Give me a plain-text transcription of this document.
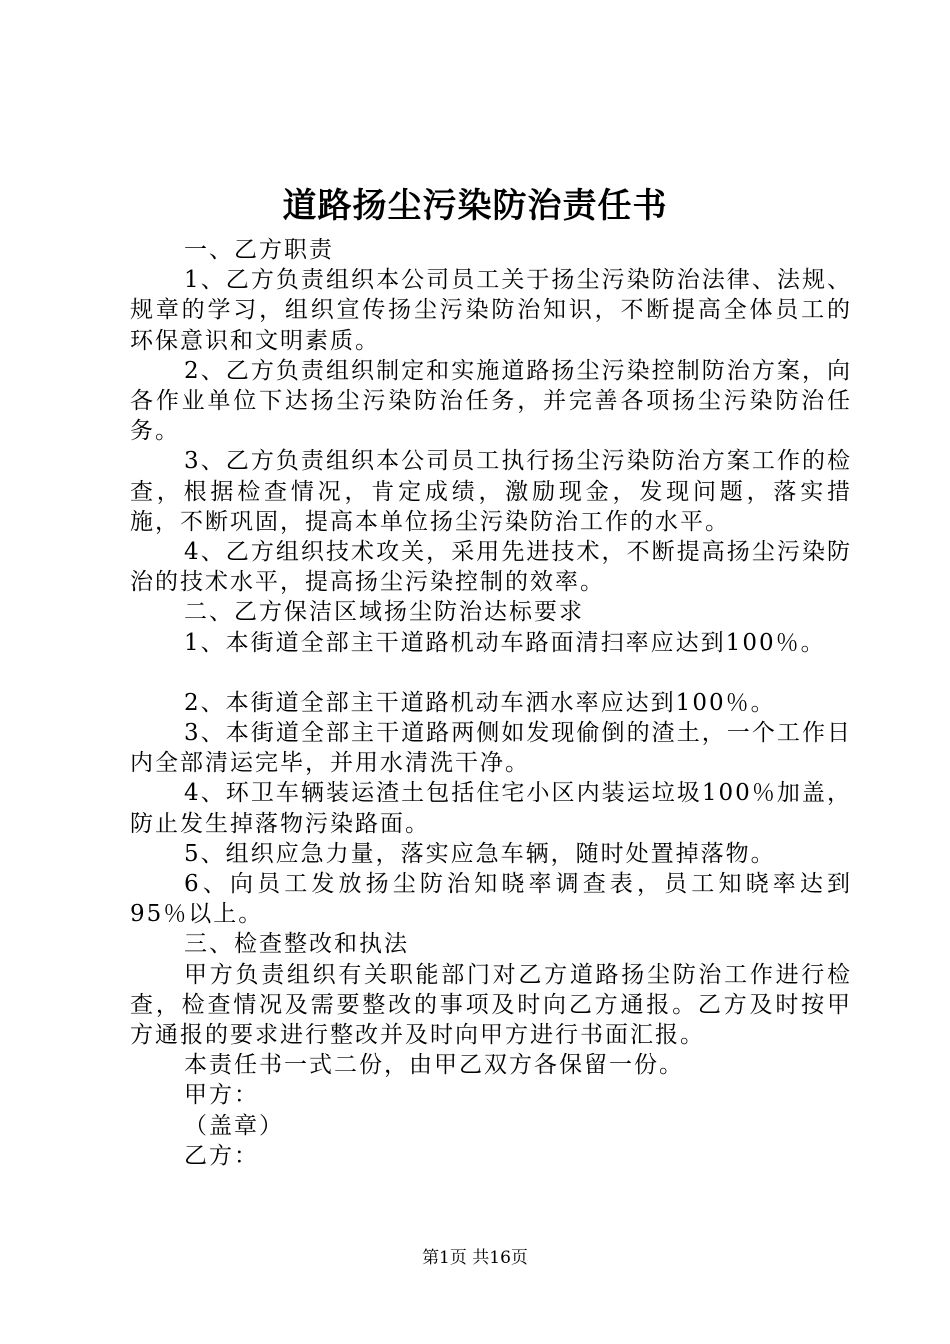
道路扬尘污染防治责任书

一、乙方职责

1、乙方负责组织本公司员工关于扬尘污染防治法律、法规、规章的学习，组织宣传扬尘污染防治知识，不断提高全体员工的环保意识和文明素质。

2、乙方负责组织制定和实施道路扬尘污染控制防治方案，向各作业单位下达扬尘污染防治任务，并完善各项扬尘污染防治任务。

3、乙方负责组织本公司员工执行扬尘污染防治方案工作的检查，根据检查情况，肯定成绩，激励现金，发现问题，落实措施，不断巩固，提高本单位扬尘污染防治工作的水平。

4、乙方组织技术攻关，采用先进技术，不断提高扬尘污染防治的技术水平，提高扬尘污染控制的效率。

二、乙方保洁区域扬尘防治达标要求

1、本街道全部主干道路机动车路面清扫率应达到100％。

2、本街道全部主干道路机动车洒水率应达到100％。

3、本街道全部主干道路两侧如发现偷倒的渣土，一个工作日内全部清运完毕，并用水清洗干净。

4、环卫车辆装运渣土包括住宅小区内装运垃圾100％加盖，防止发生掉落物污染路面。

5、组织应急力量，落实应急车辆，随时处置掉落物。

6、向员工发放扬尘防治知晓率调查表，员工知晓率达到95％以上。

三、检查整改和执法

甲方负责组织有关职能部门对乙方道路扬尘防治工作进行检查，检查情况及需要整改的事项及时向乙方通报。乙方及时按甲方通报的要求进行整改并及时向甲方进行书面汇报。

本责任书一式二份，由甲乙双方各保留一份。

甲方：

（盖章）

乙方：

第1页 共16页
